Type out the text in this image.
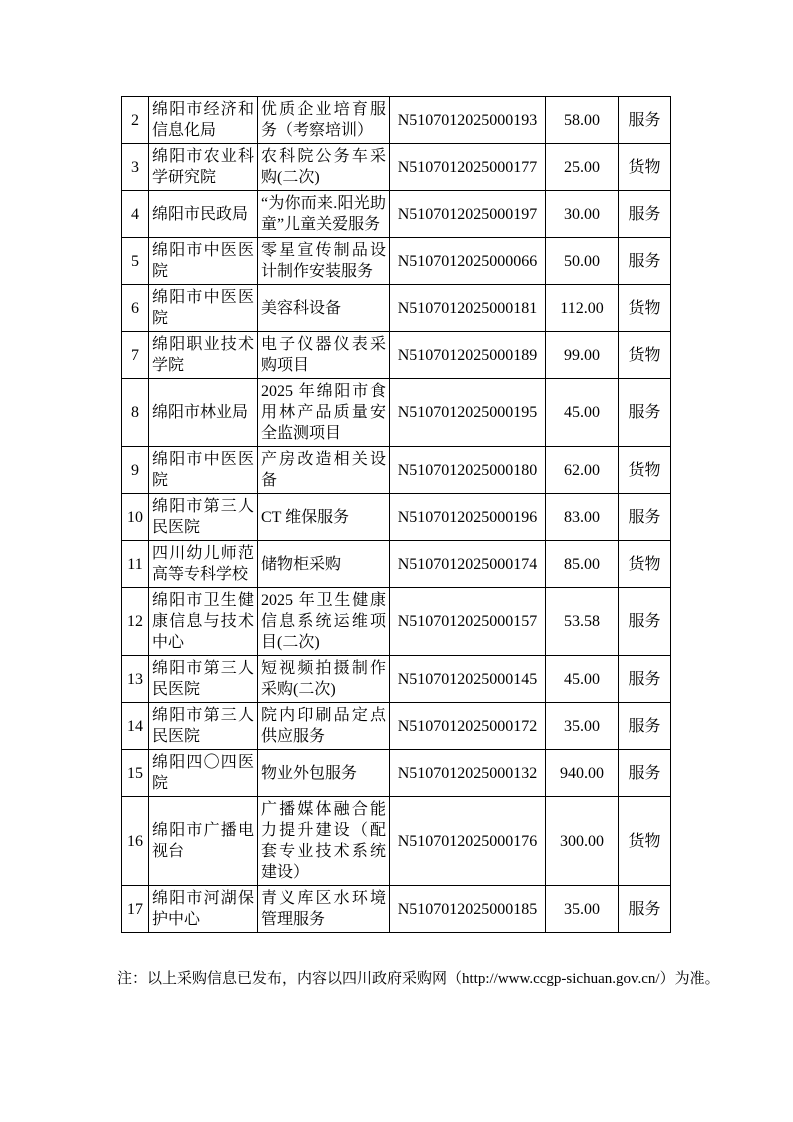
2	绵阳市经济和信息化局	优质企业培育服务（考察培训）	N5107012025000193	58.00	服务
3	绵阳市农业科学研究院	农科院公务车采购(二次)	N5107012025000177	25.00	货物
4	绵阳市民政局	“为你而来.阳光助童”儿童关爱服务	N5107012025000197	30.00	服务
5	绵阳市中医医院	零星宣传制品设计制作安装服务	N5107012025000066	50.00	服务
6	绵阳市中医医院	美容科设备	N5107012025000181	112.00	货物
7	绵阳职业技术学院	电子仪器仪表采购项目	N5107012025000189	99.00	货物
8	绵阳市林业局	2025 年绵阳市食用林产品质量安全监测项目	N5107012025000195	45.00	服务
9	绵阳市中医医院	产房改造相关设备	N5107012025000180	62.00	货物
10	绵阳市第三人民医院	CT 维保服务	N5107012025000196	83.00	服务
11	四川幼儿师范高等专科学校	储物柜采购	N5107012025000174	85.00	货物
12	绵阳市卫生健康信息与技术中心	2025 年卫生健康信息系统运维项目(二次)	N5107012025000157	53.58	服务
13	绵阳市第三人民医院	短视频拍摄制作采购(二次)	N5107012025000145	45.00	服务
14	绵阳市第三人民医院	院内印刷品定点供应服务	N5107012025000172	35.00	服务
15	绵阳四〇四医院	物业外包服务	N5107012025000132	940.00	服务
16	绵阳市广播电视台	广播媒体融合能力提升建设（配套专业技术系统建设）	N5107012025000176	300.00	货物
17	绵阳市河湖保护中心	青义库区水环境管理服务	N5107012025000185	35.00	服务

注：以上采购信息已发布，内容以四川政府采购网（http://www.ccgp-sichuan.gov.cn/）为准。
